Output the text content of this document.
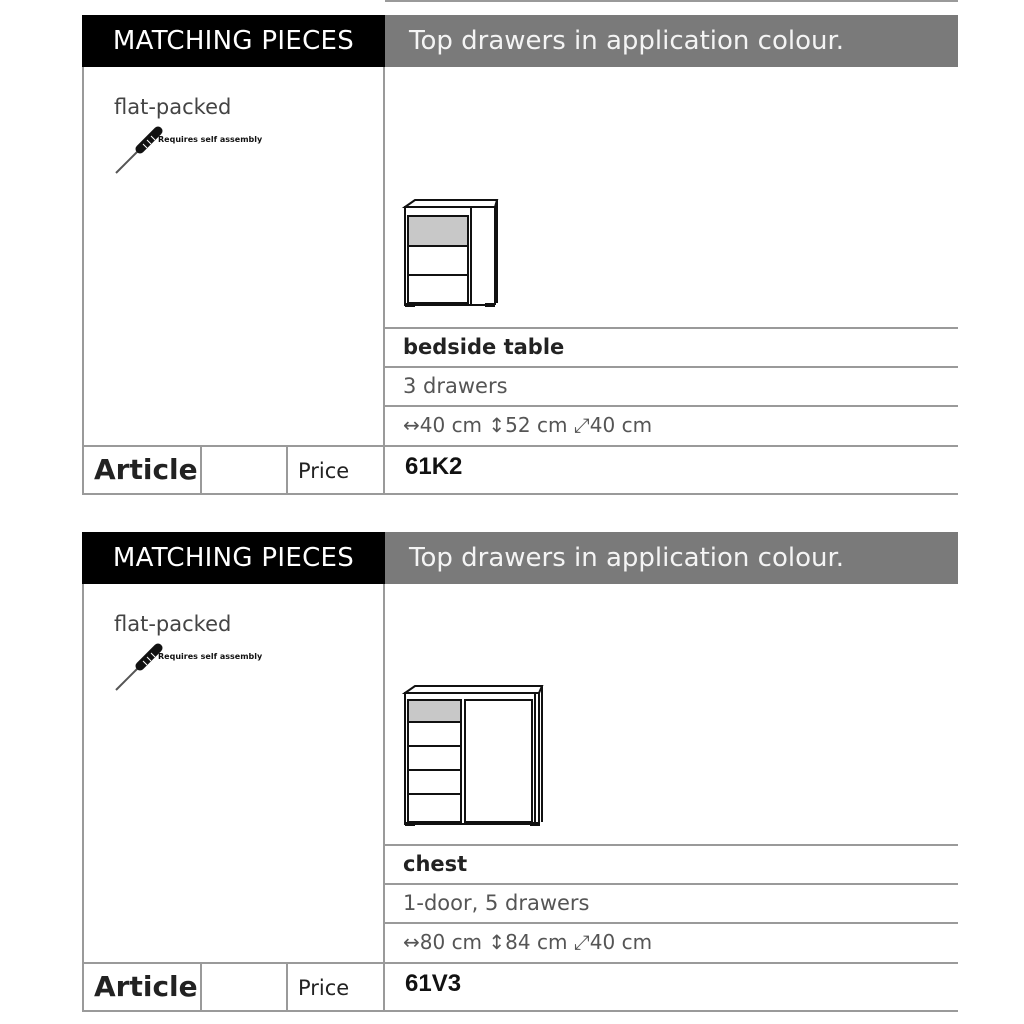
MATCHING PIECES	Top drawers in application colour.
flat-packed
Requires self assembly
bedside table
3 drawers
↔40 cm ↕52 cm ⤢40 cm
Article	Price	61K2
MATCHING PIECES	Top drawers in application colour.
flat-packed
Requires self assembly
chest
1-door, 5 drawers
↔80 cm ↕84 cm ⤢40 cm
Article	Price	61V3
